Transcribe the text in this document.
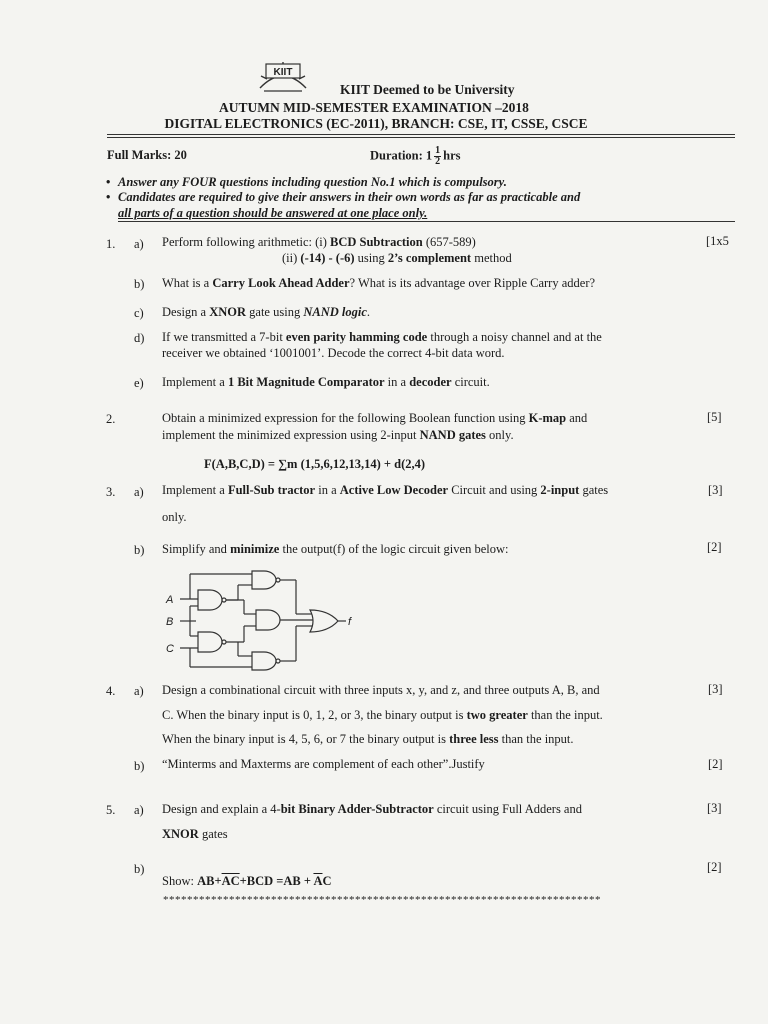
KIIT
KIIT Deemed to be University
AUTUMN MID-SEMESTER EXAMINATION –2018
DIGITAL ELECTRONICS (EC-2011), BRANCH: CSE, IT, CSSE, CSCE
Full Marks: 20	Duration: $1 \frac{1}{2}$ hrs
• Answer any FOUR questions including question No.1 which is compulsory.
• Candidates are required to give their answers in their own words as far as practicable and
all parts of a question should be answered at one place only.
1. a) Perform following arithmetic: (i) BCD Subtraction (657-589)	[1x5
(ii) (-14) - (-6) using 2’s complement method
b) What is a Carry Look Ahead Adder? What is its advantage over Ripple Carry adder?
c) Design a XNOR gate using NAND logic.
d) If we transmitted a 7-bit even parity hamming code through a noisy channel and at the
receiver we obtained ‘1001001’. Decode the correct 4-bit data word.
e) Implement a 1 Bit Magnitude Comparator in a decoder circuit.
2.	Obtain a minimized expression for the following Boolean function using K-map and	[5]
implement the minimized expression using 2-input NAND gates only.
F(A,B,C,D) = ∑m (1,5,6,12,13,14) + d(2,4)
3. a) Implement a Full-Sub tractor in a Active Low Decoder Circuit and using 2-input gates	[3]
only.
b) Simplify and minimize the output(f) of the logic circuit given below:	[2]
A
B
C
f
4. a) Design a combinational circuit with three inputs x, y, and z, and three outputs A, B, and	[3]
C. When the binary input is 0, 1, 2, or 3, the binary output is two greater than the input.
When the binary input is 4, 5, 6, or 7 the binary output is three less than the input.
b) “Minterms and Maxterms are complement of each other”.Justify	[2]
5. a) Design and explain a 4-bit Binary Adder-Subtractor circuit using Full Adders and	[3]
XNOR gates
b)	[2]
Show: $AB+\overline{AC}+BCD =AB + \overline{A}C$
*************************************************************************
